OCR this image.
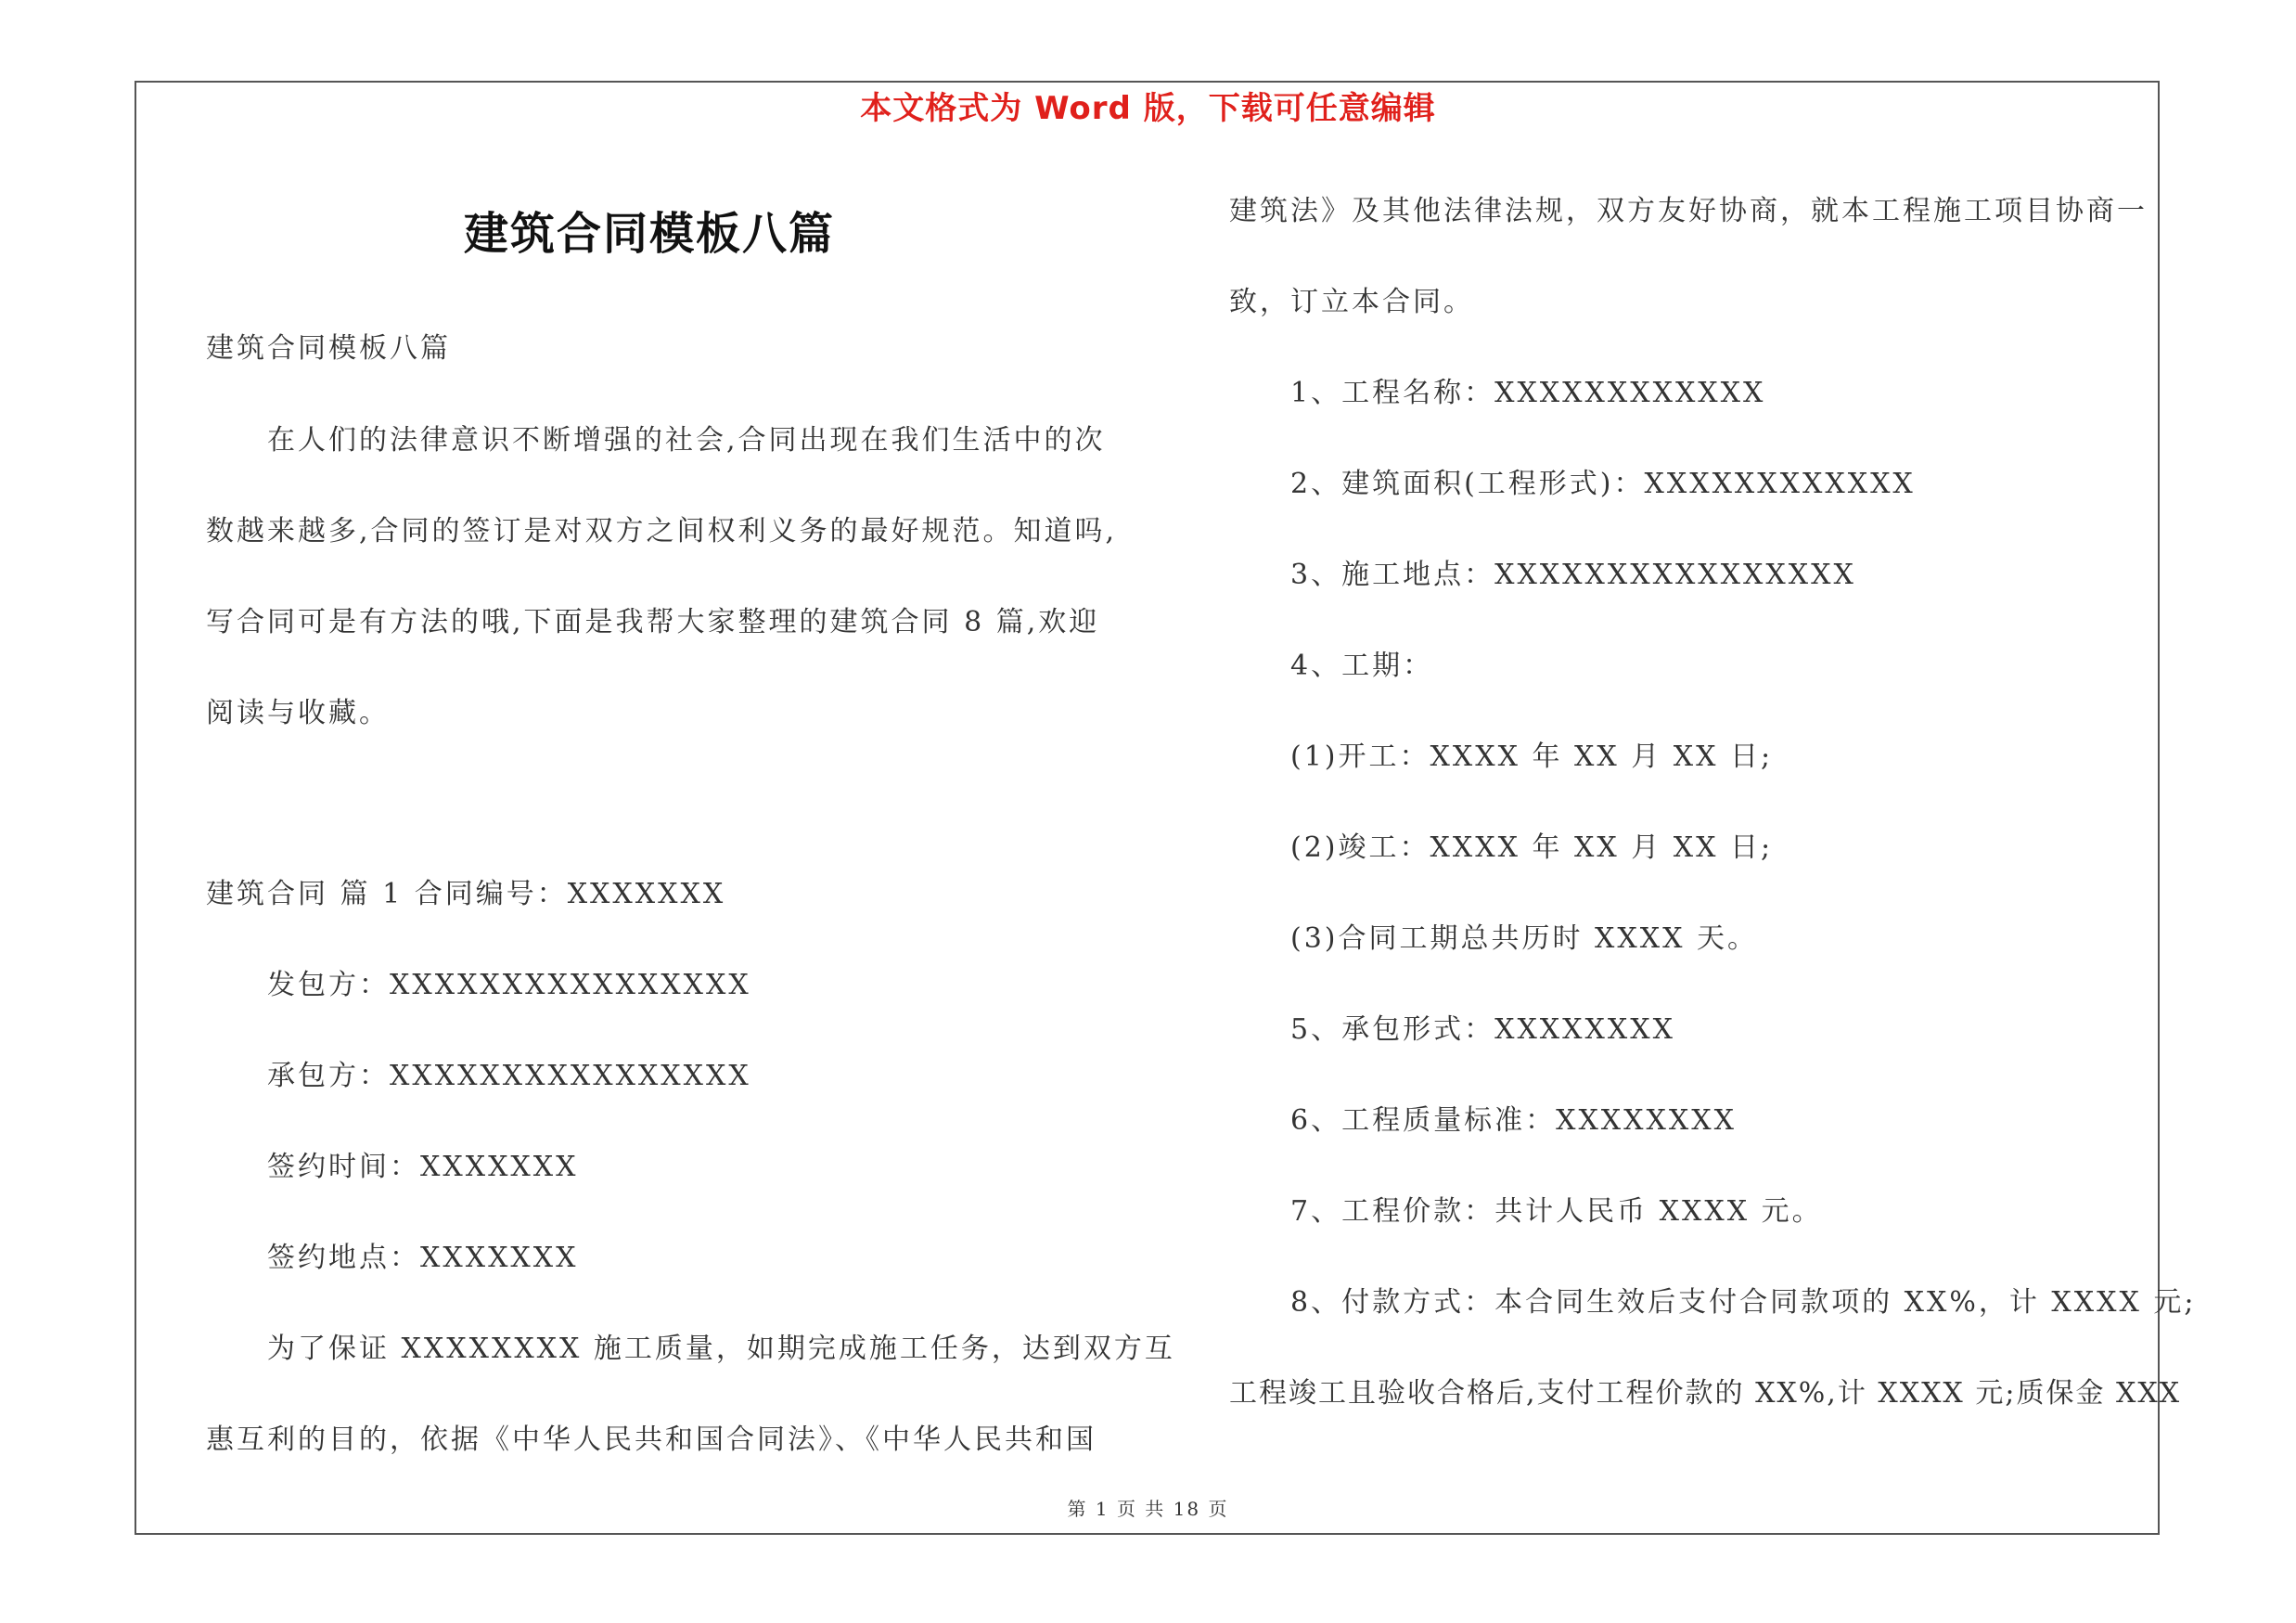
本文格式为 Word 版，下载可任意编辑
建筑合同模板八篇
建筑合同模板八篇
在人们的法律意识不断增强的社会,合同出现在我们生活中的次
数越来越多,合同的签订是对双方之间权利义务的最好规范。知道吗,
写合同可是有方法的哦,下面是我帮大家整理的建筑合同 8 篇,欢迎
阅读与收藏。
建筑合同 篇 1 合同编号：XXXXXXX
发包方：XXXXXXXXXXXXXXXX
承包方：XXXXXXXXXXXXXXXX
签约时间：XXXXXXX
签约地点：XXXXXXX
为了保证 XXXXXXXX 施工质量，如期完成施工任务，达到双方互
惠互利的目的，依据《中华人民共和国合同法》、《中华人民共和国
建筑法》及其他法律法规，双方友好协商，就本工程施工项目协商一
致，订立本合同。
1、工程名称：XXXXXXXXXXXX
2、建筑面积(工程形式)：XXXXXXXXXXXX
3、施工地点：XXXXXXXXXXXXXXXX
4、工期：
(1)开工：XXXX 年 XX 月 XX 日;
(2)竣工：XXXX 年 XX 月 XX 日;
(3)合同工期总共历时 XXXX 天。
5、承包形式：XXXXXXXX
6、工程质量标准：XXXXXXXX
7、工程价款：共计人民币 XXXX 元。
8、付款方式：本合同生效后支付合同款项的 XX%，计 XXXX 元;
工程竣工且验收合格后,支付工程价款的 XX%,计 XXXX 元;质保金 XXX
第 1 页 共 18 页
